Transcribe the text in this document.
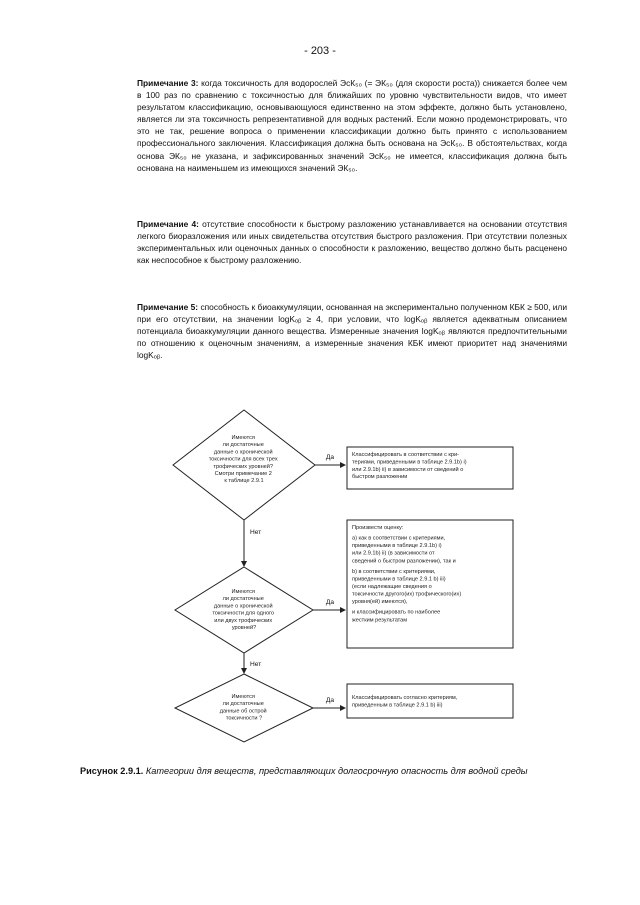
- 203 -
Примечание 3: когда токсичность для водорослей ЭсК₅₀ (= ЭК₅₀ (для скорости роста)) снижается более чем в 100 раз по сравнению с токсичностью для ближайших по уровню чувствительности видов, что имеет результатом классификацию, основывающуюся единственно на этом эффекте, должно быть установлено, является ли эта токсичность репрезентативной для водных растений. Если можно продемонстрировать, что это не так, решение вопроса о применении классификации должно быть принято с использованием профессионального заключения. Классификация должна быть основана на ЭсК₅₀. В обстоятельствах, когда основа ЭК₅₀ не указана, и зафиксированных значений ЭсК₅₀ не имеется, классификация должна быть основана на наименьшем из имеющихся значений ЭК₅₀.
Примечание 4: отсутствие способности к быстрому разложению устанавливается на основании отсутствия легкого биоразложения или иных свидетельства отсутствия быстрого разложения. При отсутствии полезных экспериментальных или оценочных данных о способности к разложению, вещество должно быть расценено как неспособное к быстрому разложению.
Примечание 5: способность к биоаккумуляции, основанная на экспериментально полученном КБК ≥ 500, или при его отсутствии, на значении logKₒᵦ ≥ 4, при условии, что logKₒᵦ является адекватным описанием потенциала биоаккумуляции данного вещества. Измеренные значения logKₒᵦ являются предпочтительными по отношению к оценочным значениям, а измеренные значения КБК имеют приоритет над значениями logKₒᵦ.
Имеются ли достаточные данные о хронической токсичности для всех трех трофических уровней? Смотри примечание 2 к таблице 2.9.1
Да	Классифицировать в соответствии с кри- териями, приведенными в таблице 2.9.1b) i) или 2.9.1b) ii) в зависимости от сведений о быстром разложении
Нет
Имеются ли достаточные данные о хронической токсичности для одного или двух трофических уровней?
Да
Произвести оценку: a) как в соответствии с критериями, приведенными в таблице 2.9.1b) i) или 2.9.1b) ii) (в зависимости от сведений о быстром разложении), так и b) в соответствии с критериями, приведенными в таблице 2.9.1 b) iii) (если надлежащие сведения о токсичности другого(их) трофического(их) уровня(ей) имеются), и классифицировать по наиболее жестким результатам
Нет
Имеются ли достаточные данные об острой токсичности ?
Да	Классифицировать согласно критериям, приведенным в таблице 2.9.1 b) iii)
Рисунок 2.9.1. Категории для веществ, представляющих долгосрочную опасность для водной среды
